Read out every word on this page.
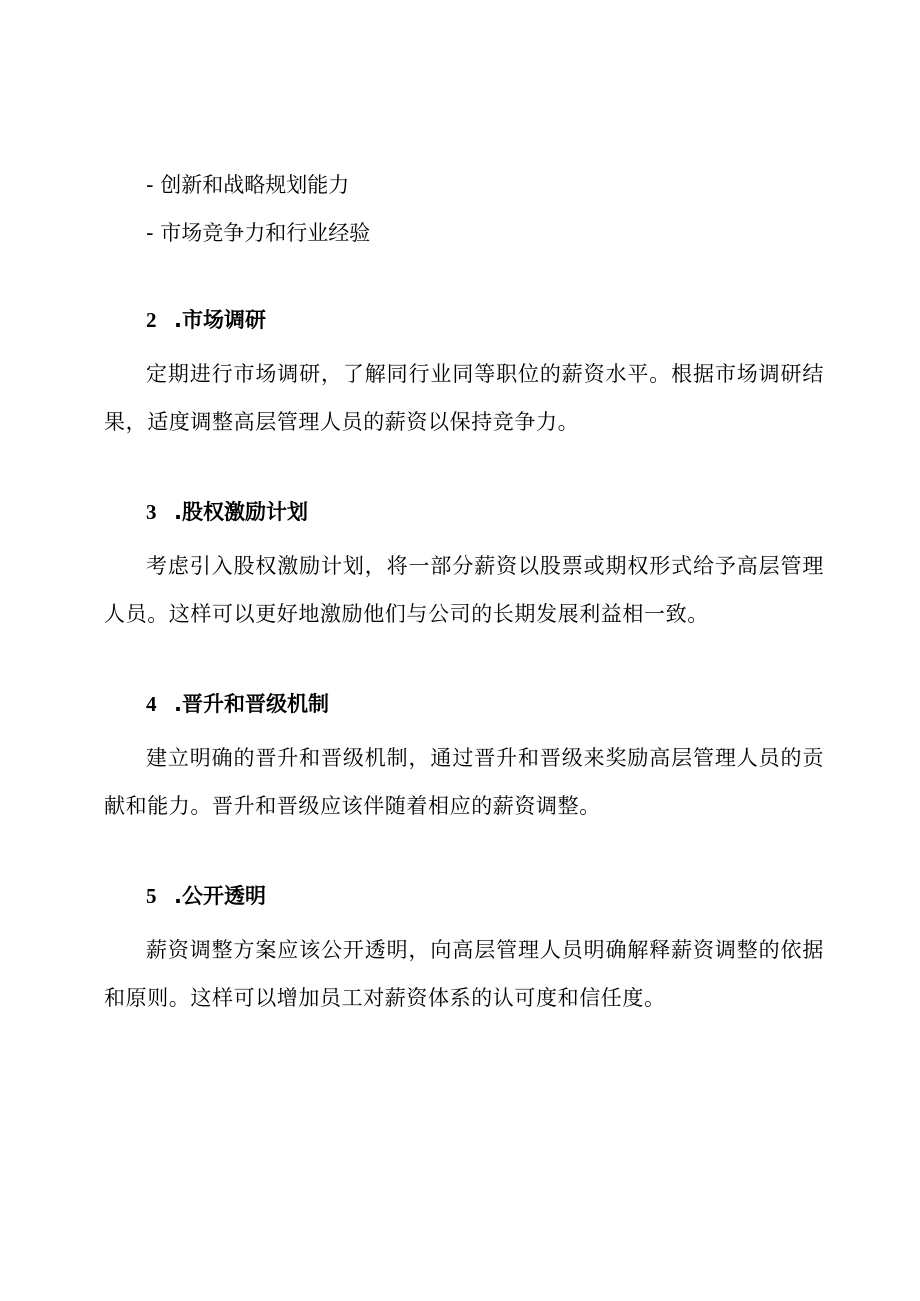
- 创新和战略规划能力
- 市场竞争力和行业经验
2 .市场调研
定期进行市场调研，了解同行业同等职位的薪资水平。根据市场调研结果，适度调整高层管理人员的薪资以保持竞争力。
3 .股权激励计划
考虑引入股权激励计划，将一部分薪资以股票或期权形式给予高层管理人员。这样可以更好地激励他们与公司的长期发展利益相一致。
4 .晋升和晋级机制
建立明确的晋升和晋级机制，通过晋升和晋级来奖励高层管理人员的贡献和能力。晋升和晋级应该伴随着相应的薪资调整。
5 .公开透明
薪资调整方案应该公开透明，向高层管理人员明确解释薪资调整的依据和原则。这样可以增加员工对薪资体系的认可度和信任度。
